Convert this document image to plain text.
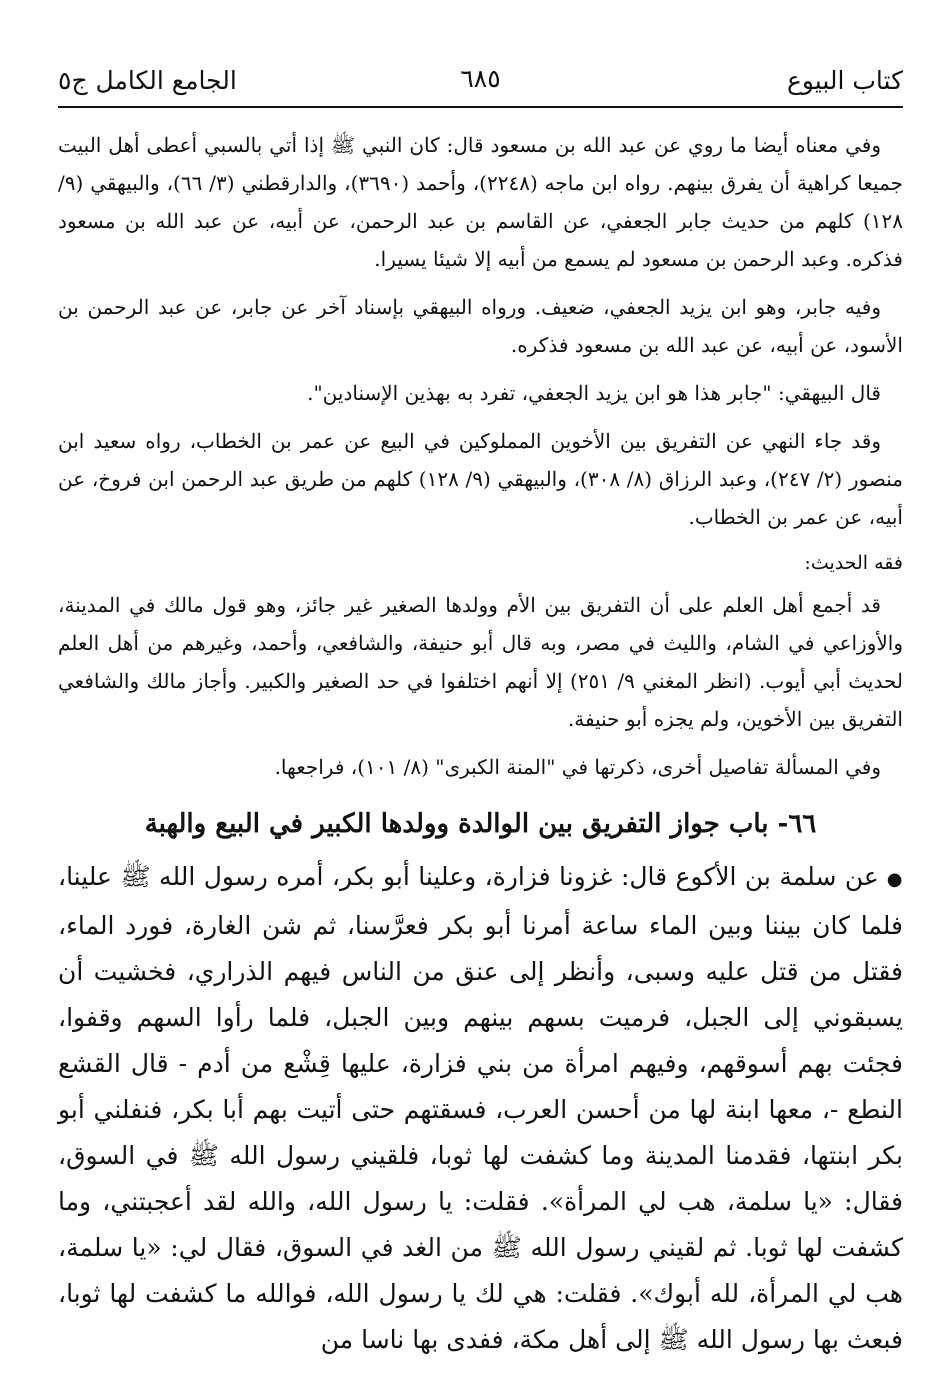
كتاب البيوع
٦٨٥
الجامع الكامل ج٥

وفي معناه أيضا ما روي عن عبد الله بن مسعود قال: كان النبي ﷺ إذا أتي بالسبي أعطى أهل البيت جميعا كراهية أن يفرق بينهم. رواه ابن ماجه (٢٢٤٨)، وأحمد (٣٦٩٠)، والدارقطني (٣/ ٦٦)، والبيهقي (٩/ ١٢٨) كلهم من حديث جابر الجعفي، عن القاسم بن عبد الرحمن، عن أبيه، عن عبد الله بن مسعود فذكره. وعبد الرحمن بن مسعود لم يسمع من أبيه إلا شيئا يسيرا.

وفيه جابر، وهو ابن يزيد الجعفي، ضعيف. ورواه البيهقي بإسناد آخر عن جابر، عن عبد الرحمن بن الأسود، عن أبيه، عن عبد الله بن مسعود فذكره.

قال البيهقي: "جابر هذا هو ابن يزيد الجعفي، تفرد به بهذين الإسنادين".

وقد جاء النهي عن التفريق بين الأخوين المملوكين في البيع عن عمر بن الخطاب، رواه سعيد ابن منصور (٢/ ٢٤٧)، وعبد الرزاق (٨/ ٣٠٨)، والبيهقي (٩/ ١٢٨) كلهم من طريق عبد الرحمن ابن فروخ، عن أبيه، عن عمر بن الخطاب.

فقه الحديث:

قد أجمع أهل العلم على أن التفريق بين الأم وولدها الصغير غير جائز، وهو قول مالك في المدينة، والأوزاعي في الشام، والليث في مصر، وبه قال أبو حنيفة، والشافعي، وأحمد، وغيرهم من أهل العلم لحديث أبي أيوب. (انظر المغني ٩/ ٢٥١) إلا أنهم اختلفوا في حد الصغير والكبير. وأجاز مالك والشافعي التفريق بين الأخوين، ولم يجزه أبو حنيفة.

وفي المسألة تفاصيل أخرى، ذكرتها في "المنة الكبرى" (٨/ ١٠١)، فراجعها.

٦٦- باب جواز التفريق بين الوالدة وولدها الكبير في البيع والهبة

●عن سلمة بن الأكوع قال: غزونا فزارة، وعلينا أبو بكر، أمره رسول الله ﷺ علينا، فلما كان بيننا وبين الماء ساعة أمرنا أبو بكر فعرَّسنا، ثم شن الغارة، فورد الماء، فقتل من قتل عليه وسبى، وأنظر إلى عنق من الناس فيهم الذراري، فخشيت أن يسبقوني إلى الجبل، فرميت بسهم بينهم وبين الجبل، فلما رأوا السهم وقفوا، فجئت بهم أسوقهم، وفيهم امرأة من بني فزارة، عليها قِشْع من أدم - قال القشع النطع -، معها ابنة لها من أحسن العرب، فسقتهم حتى أتيت بهم أبا بكر، فنفلني أبو بكر ابنتها، فقدمنا المدينة وما كشفت لها ثوبا، فلقيني رسول الله ﷺ في السوق، فقال: «يا سلمة، هب لي المرأة». فقلت: يا رسول الله، والله لقد أعجبتني، وما كشفت لها ثوبا. ثم لقيني رسول الله ﷺ من الغد في السوق، فقال لي: «يا سلمة، هب لي المرأة، لله أبوك». فقلت: هي لك يا رسول الله، فوالله ما كشفت لها ثوبا، فبعث بها رسول الله ﷺ إلى أهل مكة، ففدى بها ناسا من
